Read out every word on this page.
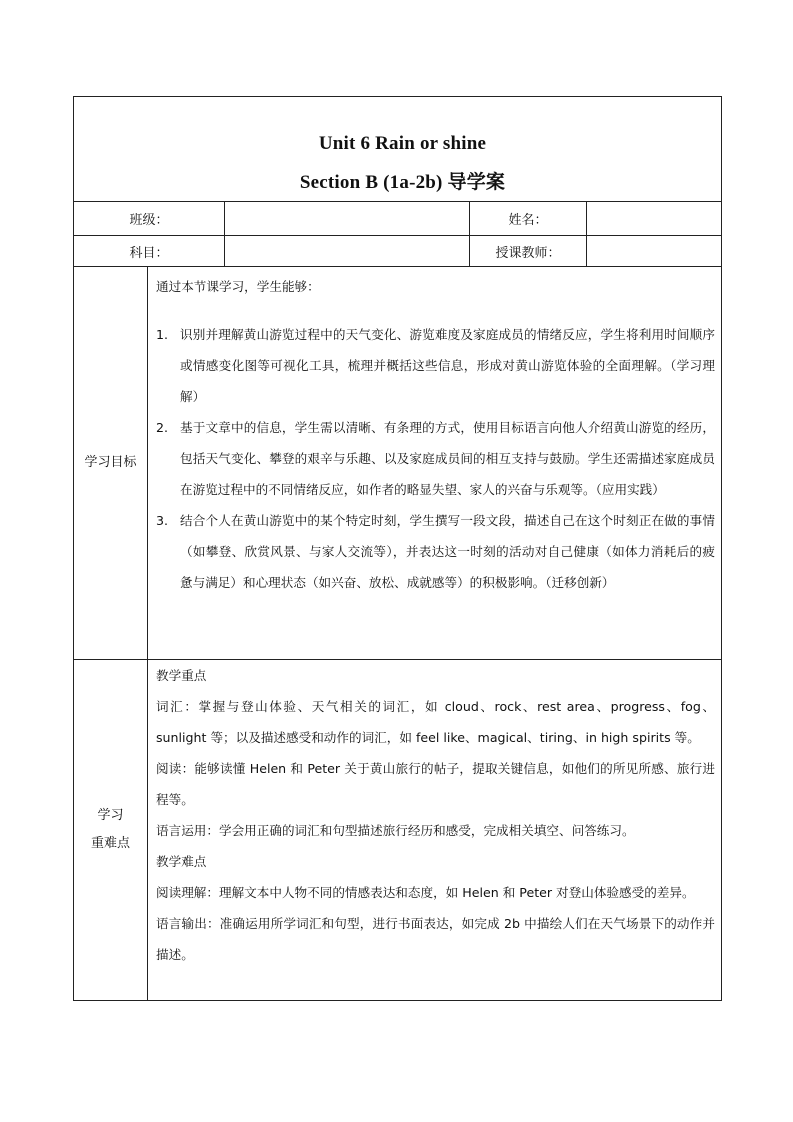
Unit 6 Rain or shine
Section B (1a-2b) 导学案
班级：	姓名：
科目：	授课教师：
学习目标

通过本节课学习，学生能够：

1. 识别并理解黄山游览过程中的天气变化、游览难度及家庭成员的情绪反应，学生将利用时间顺序或情感变化图等可视化工具，梳理并概括这些信息，形成对黄山游览体验的全面理解。（学习理解）
2. 基于文章中的信息，学生需以清晰、有条理的方式，使用目标语言向他人介绍黄山游览的经历，包括天气变化、攀登的艰辛与乐趣、以及家庭成员间的相互支持与鼓励。学生还需描述家庭成员在游览过程中的不同情绪反应，如作者的略显失望、家人的兴奋与乐观等。（应用实践）
3. 结合个人在黄山游览中的某个特定时刻，学生撰写一段文段，描述自己在这个时刻正在做的事情（如攀登、欣赏风景、与家人交流等），并表达这一时刻的活动对自己健康（如体力消耗后的疲惫与满足）和心理状态（如兴奋、放松、成就感等）的积极影响。（迁移创新）
学习
重难点

教学重点

词汇：掌握与登山体验、天气相关的词汇，如 cloud、rock、rest area、progress、fog、sunlight 等；以及描述感受和动作的词汇，如 feel like、magical、tiring、in high spirits 等。

阅读：能够读懂 Helen 和 Peter 关于黄山旅行的帖子，提取关键信息，如他们的所见所感、旅行进程等。

语言运用：学会用正确的词汇和句型描述旅行经历和感受，完成相关填空、问答练习。

教学难点

阅读理解：理解文本中人物不同的情感表达和态度，如 Helen 和 Peter 对登山体验感受的差异。

语言输出：准确运用所学词汇和句型，进行书面表达，如完成 2b 中描绘人们在天气场景下的动作并描述。
